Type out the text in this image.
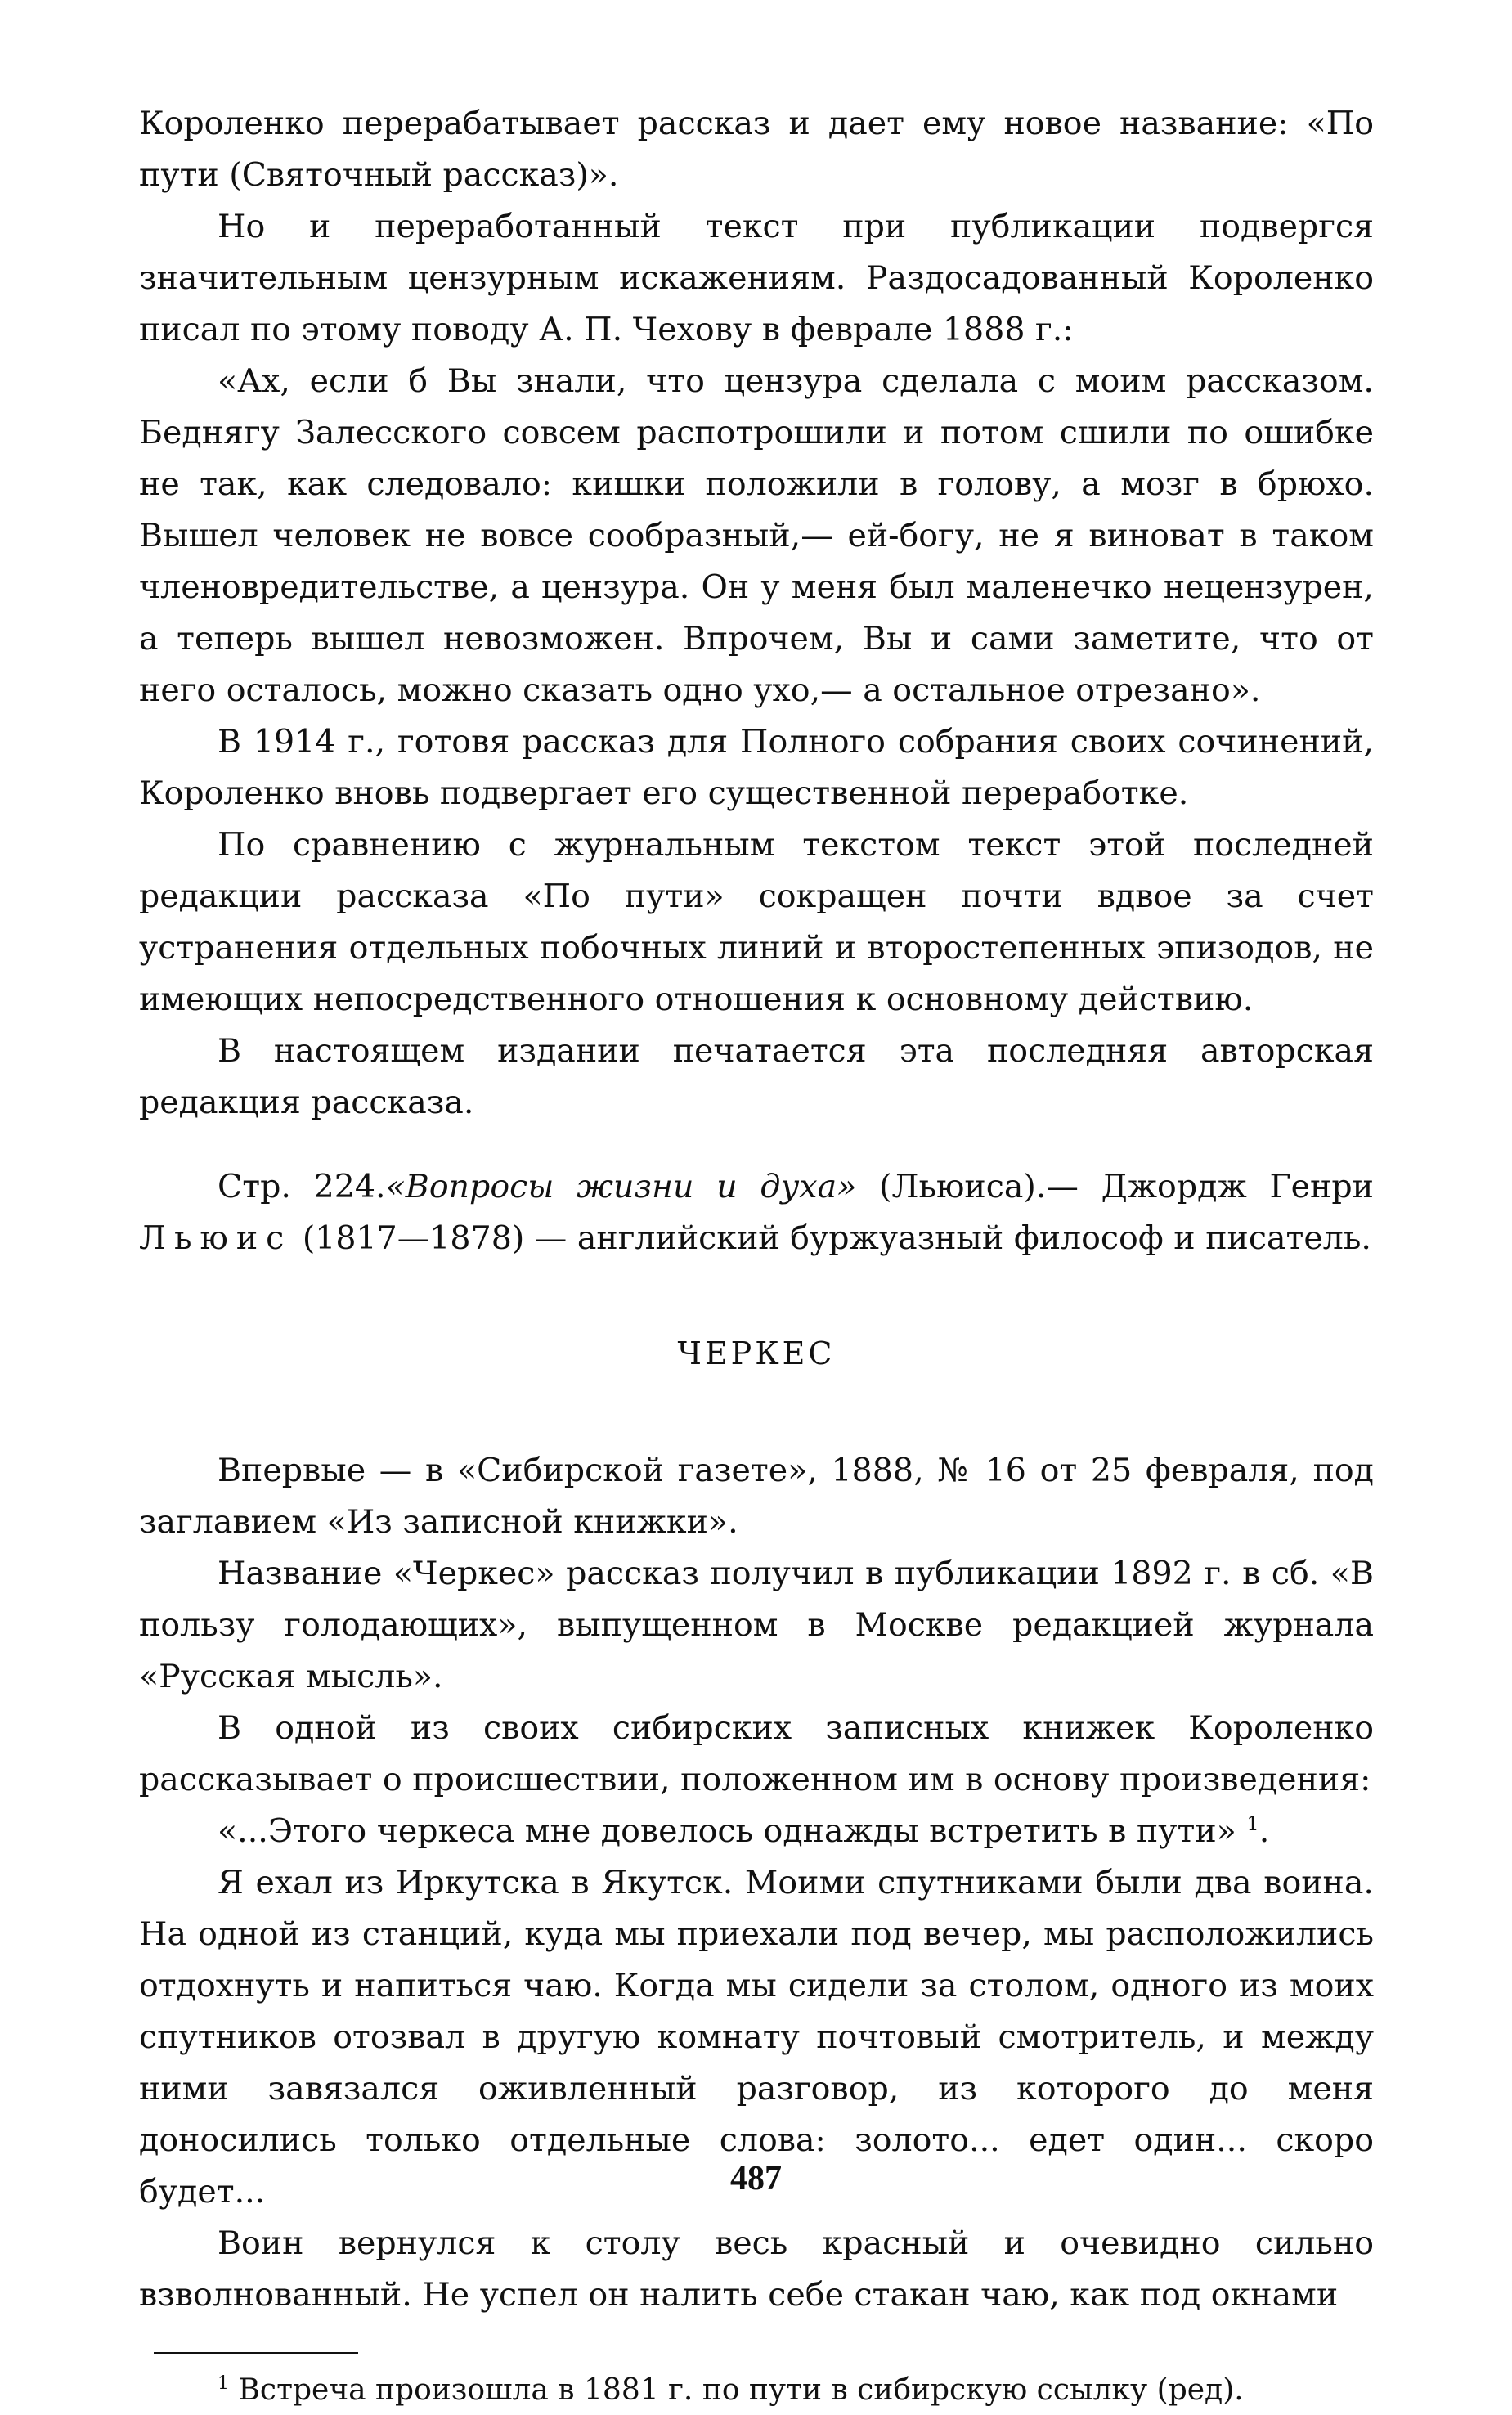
Короленко перерабатывает рассказ и дает ему новое название: «По пути (Святочный рассказ)».

Но и переработанный текст при публикации подвергся значительным цензурным искажениям. Раздосадованный Короленко писал по этому поводу А. П. Чехову в феврале 1888 г.:

«Ах, если б Вы знали, что цензура сделала с моим рассказом. Беднягу Залесского совсем распотрошили и потом сшили по ошибке не так, как следовало: кишки положили в голову, а мозг в брюхо. Вышел человек не вовсе сообразный,— ей-богу, не я виноват в таком членовредительстве, а цензура. Он у меня был маленечко нецензурен, а теперь вышел невозможен. Впрочем, Вы и сами заметите, что от него осталось, можно сказать одно ухо,— а остальное отрезано».

В 1914 г., готовя рассказ для Полного собрания своих сочинений, Короленко вновь подвергает его существенной переработке.

По сравнению с журнальным текстом текст этой последней редакции рассказа «По пути» сокращен почти вдвое за счет устранения отдельных побочных линий и второстепенных эпизодов, не имеющих непосредственного отношения к основному действию.

В настоящем издании печатается эта последняя авторская редакция рассказа.

Стр. 224.«Вопросы жизни и духа» (Льюиса).— Джордж Генри Льюис (1817—1878) — английский буржуазный философ и писатель.

ЧЕРКЕС

Впервые — в «Сибирской газете», 1888, № 16 от 25 февраля, под заглавием «Из записной книжки».

Название «Черкес» рассказ получил в публикации 1892 г. в сб. «В пользу голодающих», выпущенном в Москве редакцией журнала «Русская мысль».

В одной из своих сибирских записных книжек Короленко рассказывает о происшествии, положенном им в основу произведения:

«...Этого черкеса мне довелось однажды встретить в пути» $^1$.

Я ехал из Иркутска в Якутск. Моими спутниками были два воина. На одной из станций, куда мы приехали под вечер, мы расположились отдохнуть и напиться чаю. Когда мы сидели за столом, одного из моих спутников отозвал в другую комнату почтовый смотритель, и между ними завязался оживленный разговор, из которого до меня доносились только отдельные слова: золото... едет один... скоро будет...

Воин вернулся к столу весь красный и очевидно сильно взволнованный. Не успел он налить себе стакан чаю, как под окнами

$^1$ Встреча произошла в 1881 г. по пути в сибирскую ссылку (ред).

487
